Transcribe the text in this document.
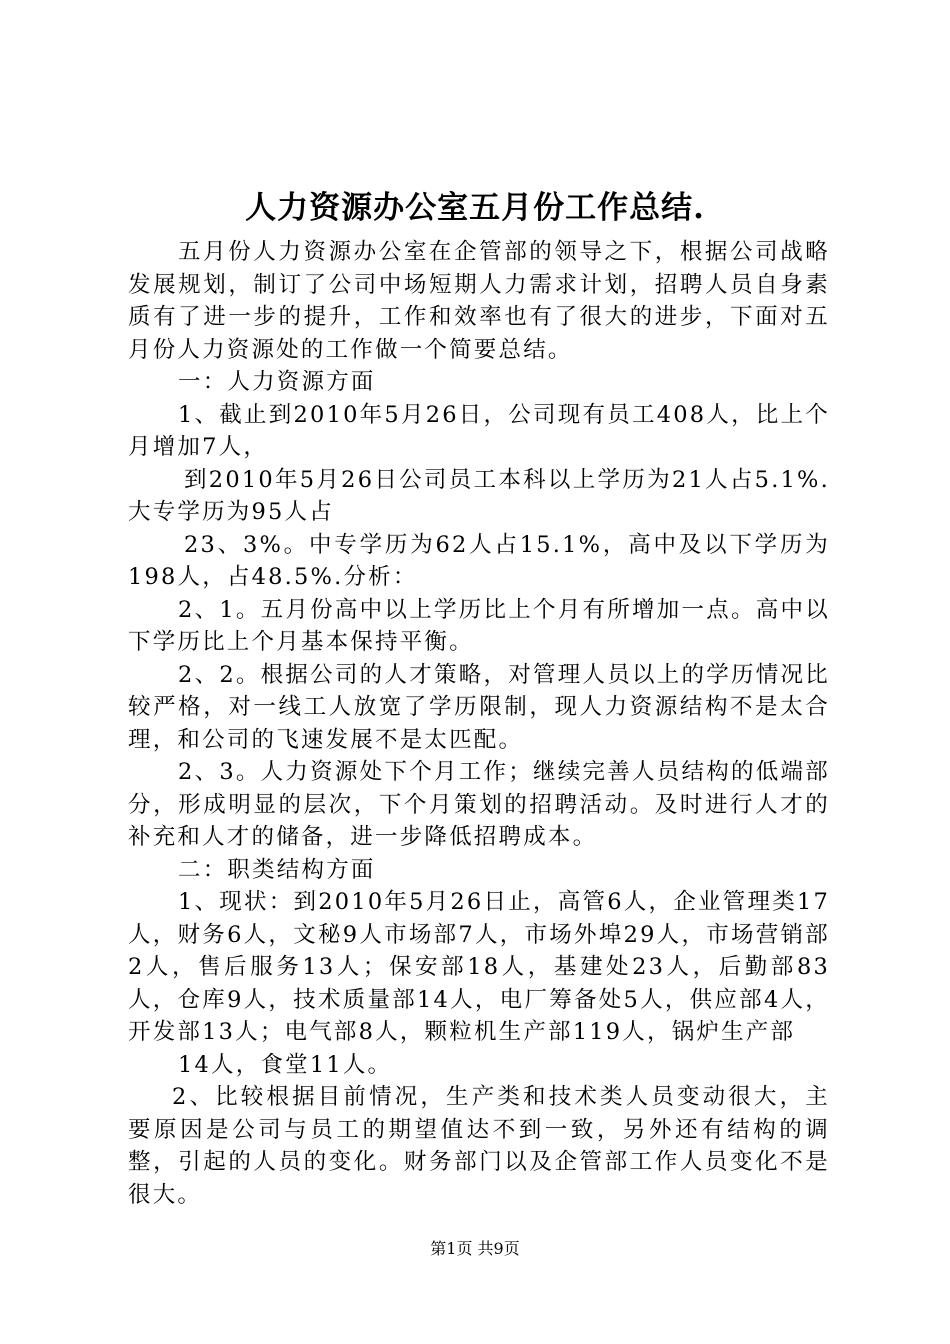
人力资源办公室五月份工作总结.

五月份人力资源办公室在企管部的领导之下，根据公司战略发展规划，制订了公司中场短期人力需求计划，招聘人员自身素质有了进一步的提升，工作和效率也有了很大的进步，下面对五月份人力资源处的工作做一个简要总结。

一：人力资源方面

1、截止到2010年5月26日，公司现有员工408人，比上个月增加7人，

到2010年5月26日公司员工本科以上学历为21人占5.1%.大专学历为95人占

23、3%。中专学历为62人占15.1%，高中及以下学历为198人，占48.5%.分析：

2、1。五月份高中以上学历比上个月有所增加一点。高中以下学历比上个月基本保持平衡。

2、2。根据公司的人才策略，对管理人员以上的学历情况比较严格，对一线工人放宽了学历限制，现人力资源结构不是太合理，和公司的飞速发展不是太匹配。

2、3。人力资源处下个月工作；继续完善人员结构的低端部分，形成明显的层次，下个月策划的招聘活动。及时进行人才的补充和人才的储备，进一步降低招聘成本。

二：职类结构方面

1、现状：到2010年5月26日止，高管6人，企业管理类17人，财务6人，文秘9人市场部7人，市场外埠29人，市场营销部2人，售后服务13人；保安部18人，基建处23人，后勤部83人，仓库9人，技术质量部14人，电厂筹备处5人，供应部4人，开发部13人；电气部8人，颗粒机生产部119人，锅炉生产部

14人，食堂11人。

2、比较根据目前情况，生产类和技术类人员变动很大，主要原因是公司与员工的期望值达不到一致，另外还有结构的调整，引起的人员的变化。财务部门以及企管部工作人员变化不是很大。

第1页 共9页
